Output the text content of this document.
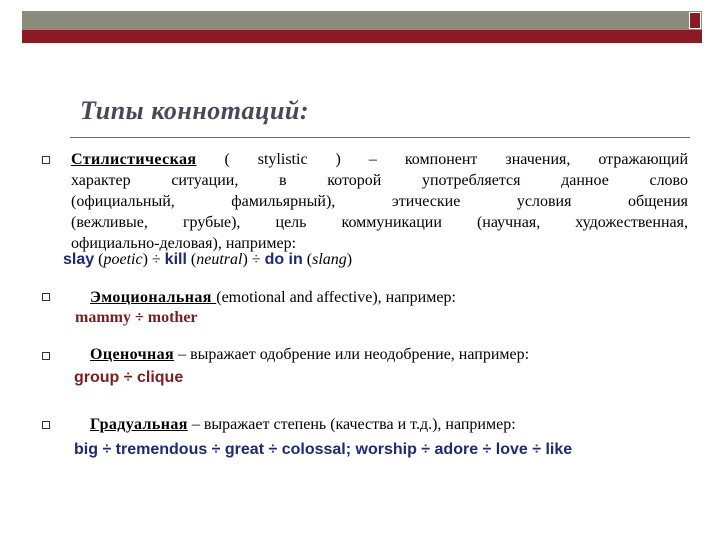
Типы коннотаций:
Стилистическая ( stylistic ) – компонент значения, отражающий
характер ситуации, в которой употребляется данное слово
(официальный, фамильярный), этические условия общения
(вежливые, грубые), цель коммуникации (научная, художественная,
официально-деловая), например:
slay (poetic) ÷ kill (neutral) ÷ do in (slang)
Эмоциональная (emotional and affective), например:
mammy ÷ mother
Оценочная – выражает одобрение или неодобрение, например:
group ÷ clique
Градуальная – выражает степень (качества и т.д.), например:
big ÷ tremendous ÷ great ÷ colossal; worship ÷ adore ÷ love ÷ like
